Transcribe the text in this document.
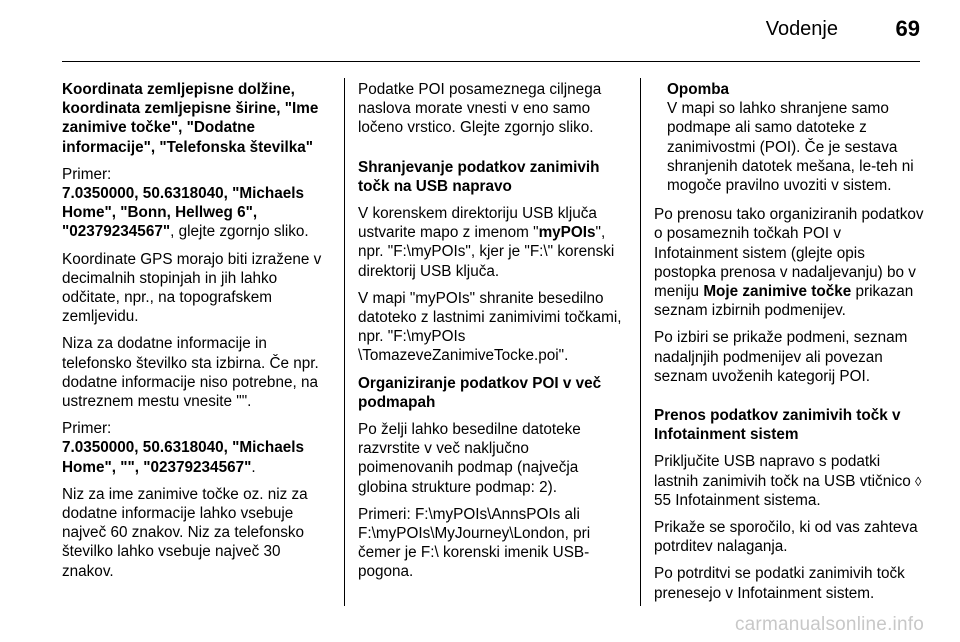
Vodenje	69

Koordinata zemljepisne dolžine, koordinata zemljepisne širine, "Ime zanimive točke", "Dodatne informacije", "Telefonska številka"

Primer:
7.0350000, 50.6318040, "Michaels Home", "Bonn, Hellweg 6", "02379234567", glejte zgornjo sliko.

Koordinate GPS morajo biti izražene v decimalnih stopinjah in jih lahko odčitate, npr., na topografskem zemljevidu.

Niza za dodatne informacije in telefonsko številko sta izbirna. Če npr. dodatne informacije niso potrebne, na ustreznem mestu vnesite "".

Primer:
7.0350000, 50.6318040, "Michaels Home", "", "02379234567".

Niz za ime zanimive točke oz. niz za dodatne informacije lahko vsebuje največ 60 znakov. Niz za telefonsko številko lahko vsebuje največ 30 znakov.

Podatke POI posameznega ciljnega naslova morate vnesti v eno samo ločeno vrstico. Glejte zgornjo sliko.

Shranjevanje podatkov zanimivih točk na USB napravo

V korenskem direktoriju USB ključa ustvarite mapo z imenom "myPOIs", npr. "F:\myPOIs", kjer je "F:\" korenski direktorij USB ključa.

V mapi "myPOIs" shranite besedilno datoteko z lastnimi zanimivimi točkami, npr. "F:\myPOIs \TomazeveZanimiveTocke.poi".

Organiziranje podatkov POI v več podmapah

Po želji lahko besedilne datoteke razvrstite v več naključno poimenovanih podmap (največja globina strukture podmap: 2).

Primeri: F:\myPOIs\AnnsPOIs ali F:\myPOIs\MyJourney\London, pri čemer je F:\ korenski imenik USB-pogona.

Opomba
V mapi so lahko shranjene samo podmape ali samo datoteke z zanimivostmi (POI). Če je sestava shranjenih datotek mešana, le-teh ni mogoče pravilno uvoziti v sistem.

Po prenosu tako organiziranih podatkov o posameznih točkah POI v Infotainment sistem (glejte opis postopka prenosa v nadaljevanju) bo v meniju Moje zanimive točke prikazan seznam izbirnih podmenijev.

Po izbiri se prikaže podmeni, seznam nadaljnjih podmenijev ali povezan seznam uvoženih kategorij POI.

Prenos podatkov zanimivih točk v Infotainment sistem

Priključite USB napravo s podatki lastnih zanimivih točk na USB vtičnico ◊ 55 Infotainment sistema.

Prikaže se sporočilo, ki od vas zahteva potrditev nalaganja.

Po potrditvi se podatki zanimivih točk prenesejo v Infotainment sistem.

carmanualsonline.info
